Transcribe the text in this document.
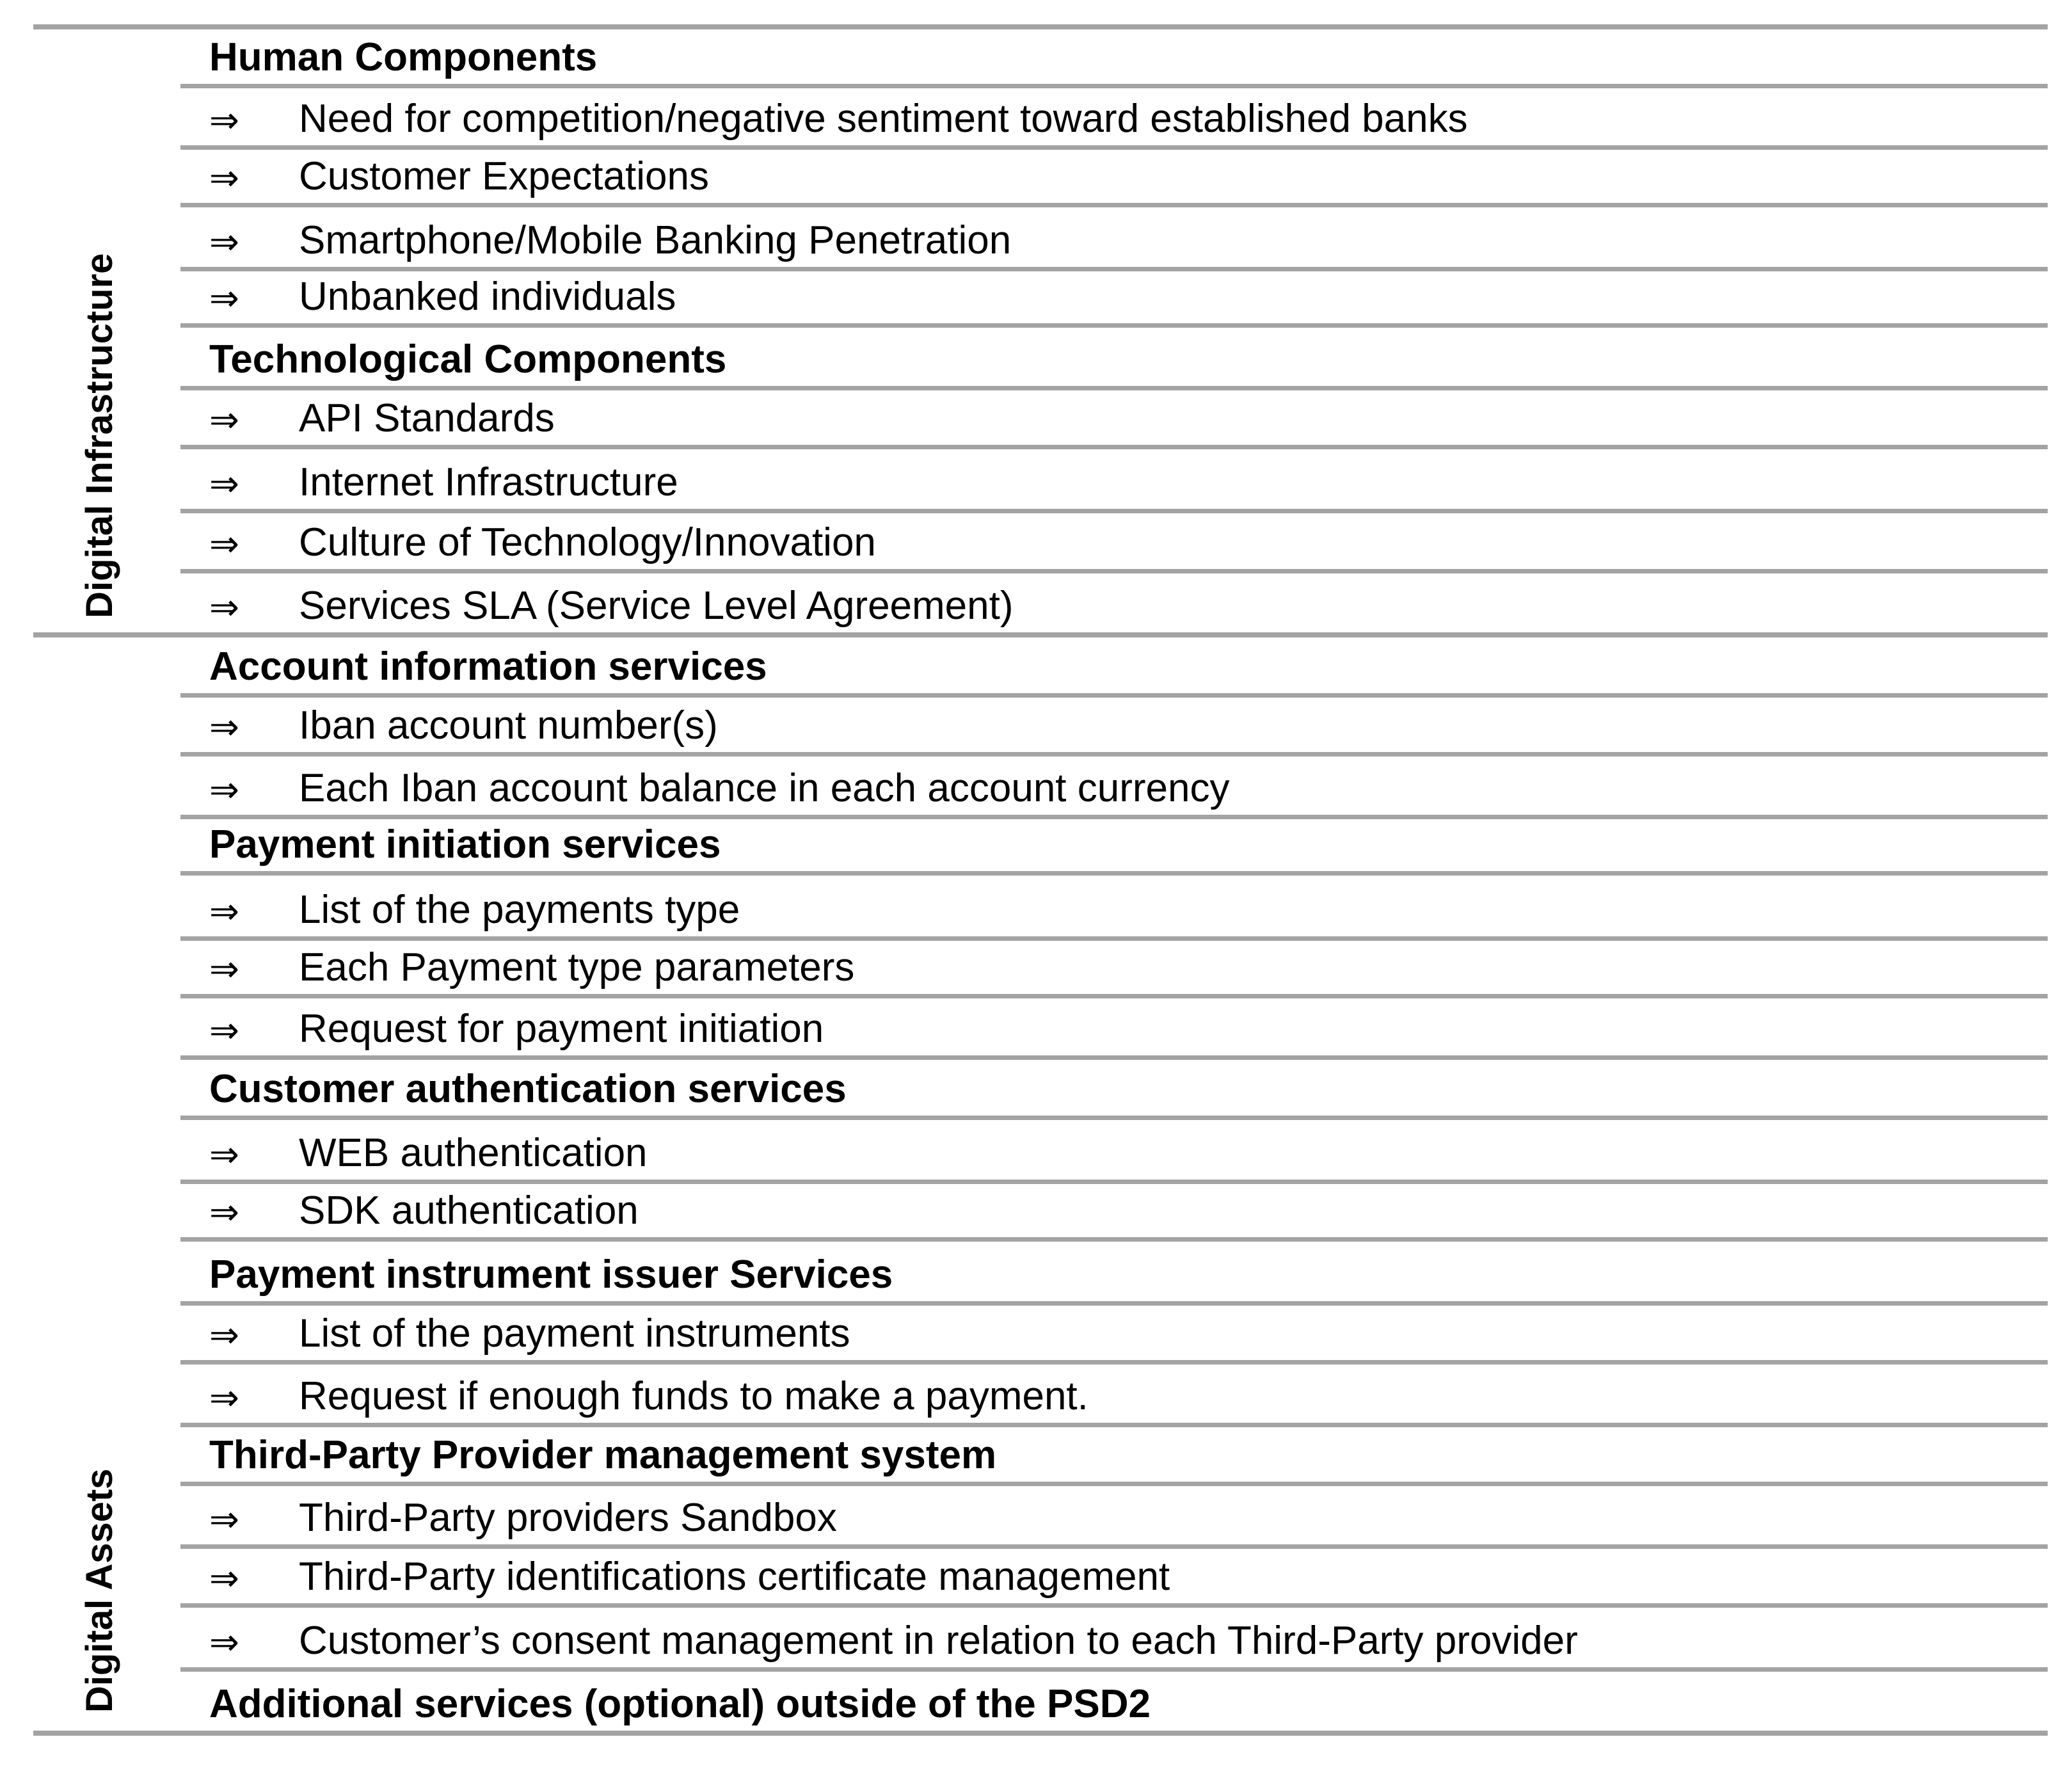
Digital Infrastructure
Human Components
⇒	Need for competition/negative sentiment toward established banks
⇒	Customer Expectations
⇒	Smartphone/Mobile Banking Penetration
⇒	Unbanked individuals
Technological Components
⇒	API Standards
⇒	Internet Infrastructure
⇒	Culture of Technology/Innovation
⇒	Services SLA (Service Level Agreement)
Digital Assets
Account information services
⇒	Iban account number(s)
⇒	Each Iban account balance in each account currency
Payment initiation services
⇒	List of the payments type
⇒	Each Payment type parameters
⇒	Request for payment initiation
Customer authentication services
⇒	WEB authentication
⇒	SDK authentication
Payment instrument issuer Services
⇒	List of the payment instruments
⇒	Request if enough funds to make a payment.
Third-Party Provider management system
⇒	Third-Party providers Sandbox
⇒	Third-Party identifications certificate management
⇒	Customer’s consent management in relation to each Third-Party provider
Additional services (optional) outside of the PSD2
